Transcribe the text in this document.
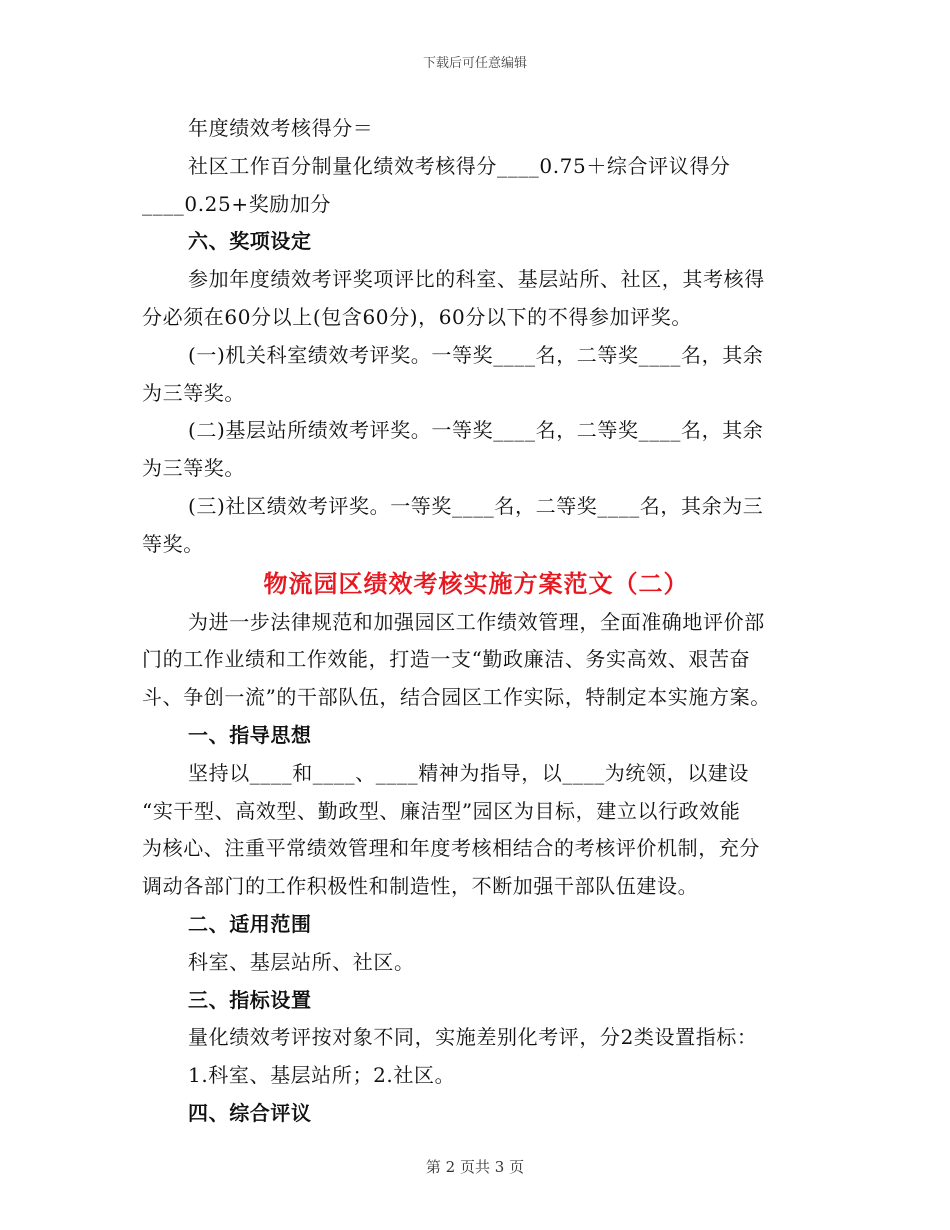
下载后可任意编辑

年度绩效考核得分＝

社区工作百分制量化绩效考核得分____0.75＋综合评议得分

____0.25+奖励加分

六、奖项设定

参加年度绩效考评奖项评比的科室、基层站所、社区，其考核得

分必须在60分以上(包含60分)，60分以下的不得参加评奖。

(一)机关科室绩效考评奖。一等奖____名，二等奖____名，其余

为三等奖。

(二)基层站所绩效考评奖。一等奖____名，二等奖____名，其余

为三等奖。

(三)社区绩效考评奖。一等奖____名，二等奖____名，其余为三

等奖。

物流园区绩效考核实施方案范文（二）

为进一步法律规范和加强园区工作绩效管理，全面准确地评价部

门的工作业绩和工作效能，打造一支“勤政廉洁、务实高效、艰苦奋

斗、争创一流”的干部队伍，结合园区工作实际，特制定本实施方案。

一、指导思想

坚持以____和____、____精神为指导，以____为统领，以建设

“实干型、高效型、勤政型、廉洁型”园区为目标，建立以行政效能

为核心、注重平常绩效管理和年度考核相结合的考核评价机制，充分

调动各部门的工作积极性和制造性，不断加强干部队伍建设。

二、适用范围

科室、基层站所、社区。

三、指标设置

量化绩效考评按对象不同，实施差别化考评，分2类设置指标：

1.科室、基层站所；2.社区。

四、综合评议

第 2 页共 3 页
